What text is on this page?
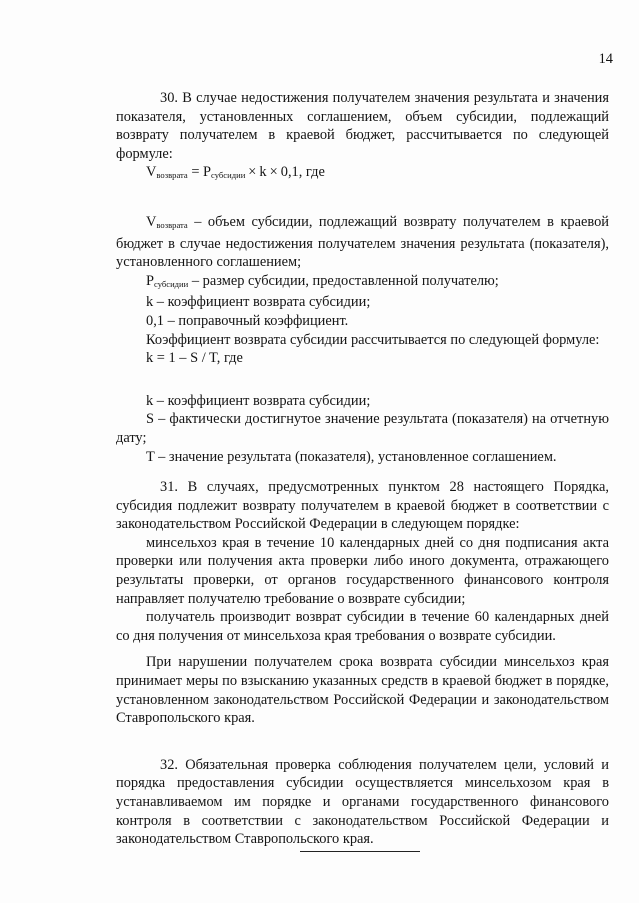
14

30. В случае недостижения получателем значения результата и значения показателя, установленных соглашением, объем субсидии, подлежащий возврату получателем в краевой бюджет, рассчитывается по следующей формуле:

$V_{возврата} = P_{субсидии} \times k \times 0,1$, где

$V_{возврата}$ – объем субсидии, подлежащий возврату получателем в краевой бюджет в случае недостижения получателем значения результата (показателя), установленного соглашением;

$P_{субсидии}$ – размер субсидии, предоставленной получателю;

k – коэффициент возврата субсидии;

0,1 – поправочный коэффициент.

Коэффициент возврата субсидии рассчитывается по следующей формуле:

k = 1 – S / T, где

k – коэффициент возврата субсидии;

S – фактически достигнутое значение результата (показателя) на отчетную дату;

T – значение результата (показателя), установленное соглашением.

31. В случаях, предусмотренных пунктом 28 настоящего Порядка, субсидия подлежит возврату получателем в краевой бюджет в соответствии с законодательством Российской Федерации в следующем порядке:

минсельхоз края в течение 10 календарных дней со дня подписания акта проверки или получения акта проверки либо иного документа, отражающего результаты проверки, от органов государственного финансового контроля направляет получателю требование о возврате субсидии;

получатель производит возврат субсидии в течение 60 календарных дней со дня получения от минсельхоза края требования о возврате субсидии.

При нарушении получателем срока возврата субсидии минсельхоз края принимает меры по взысканию указанных средств в краевой бюджет в порядке, установленном законодательством Российской Федерации и законодательством Ставропольского края.

32. Обязательная проверка соблюдения получателем цели, условий и порядка предоставления субсидии осуществляется минсельхозом края в устанавливаемом им порядке и органами государственного финансового контроля в соответствии с законодательством Российской Федерации и законодательством Ставропольского края.
